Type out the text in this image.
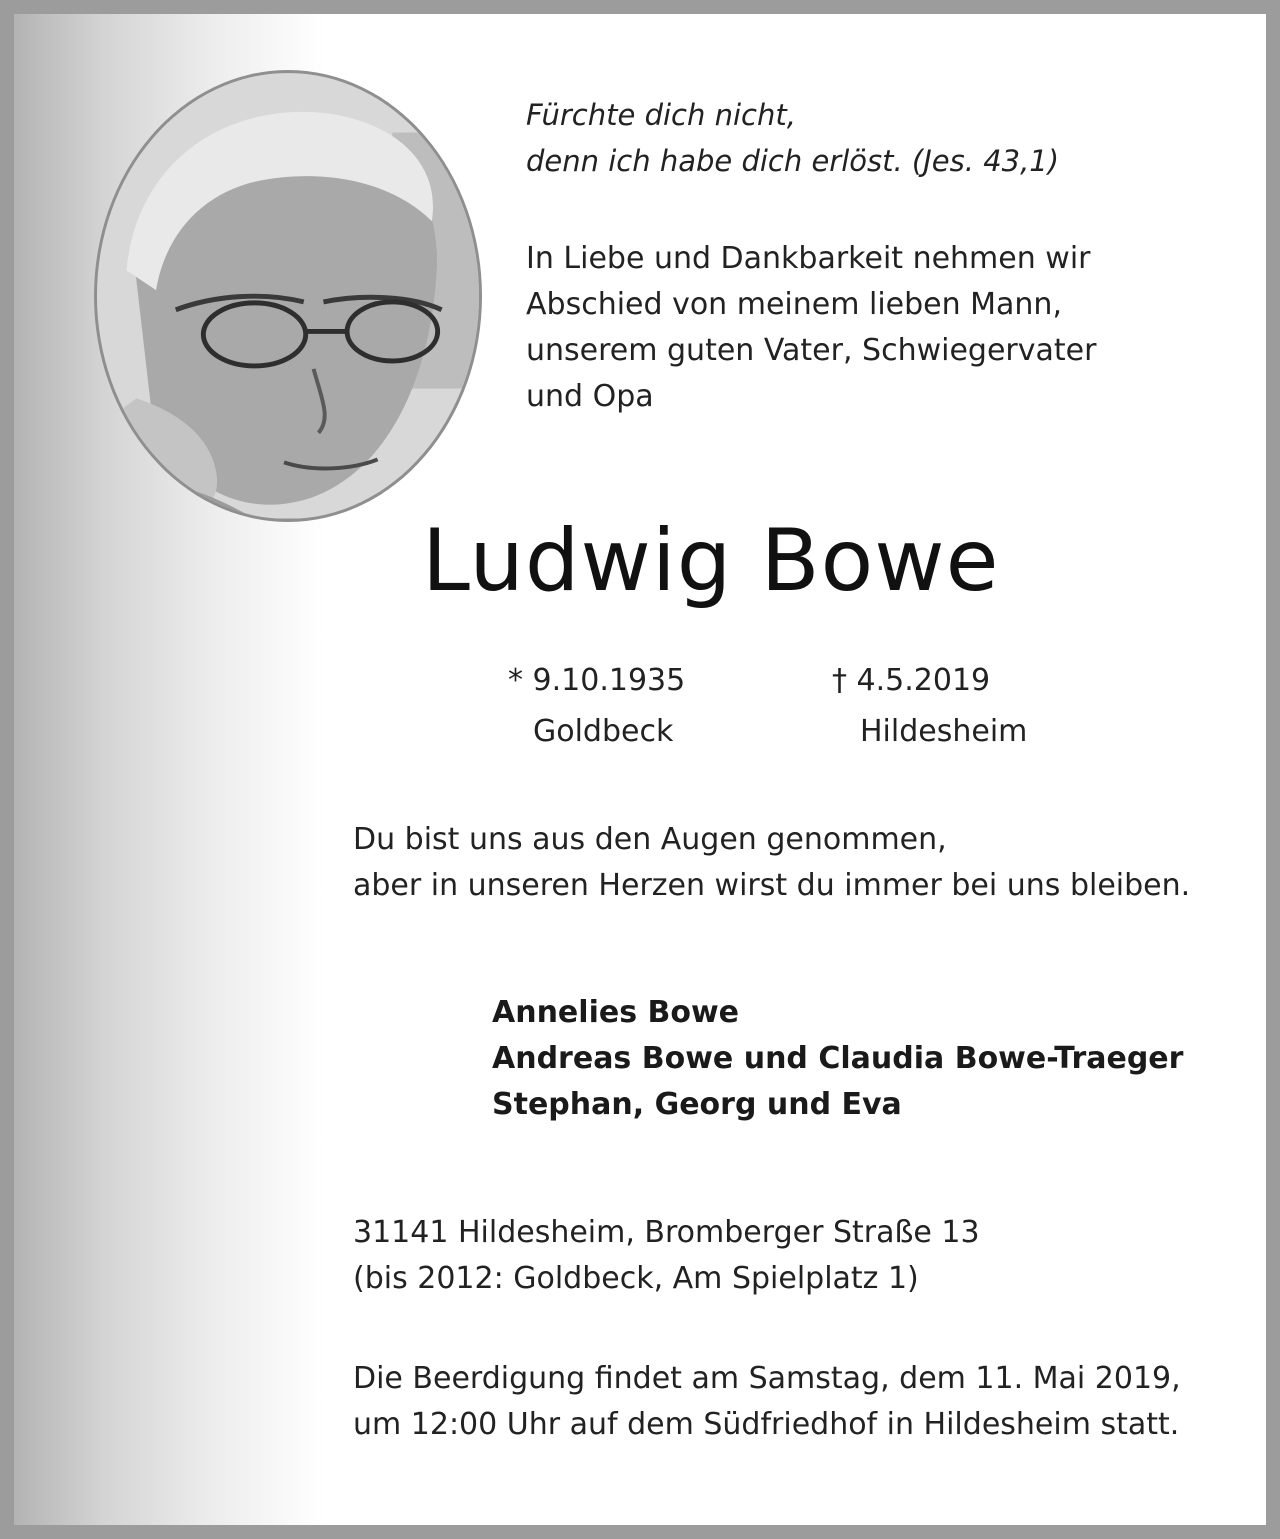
Fürchte dich nicht,
denn ich habe dich erlöst. (Jes. 43,1)

In Liebe und Dankbarkeit nehmen wir
Abschied von meinem lieben Mann,
unserem guten Vater, Schwiegervater
und Opa

Ludwig Bowe

* 9.10.1935

Goldbeck

† 4.5.2019

Hildesheim

Du bist uns aus den Augen genommen,
aber in unseren Herzen wirst du immer bei uns bleiben.

Annelies Bowe
Andreas Bowe und Claudia Bowe-Traeger
Stephan, Georg und Eva

31141 Hildesheim, Bromberger Straße 13
(bis 2012: Goldbeck, Am Spielplatz 1)

Die Beerdigung findet am Samstag, dem 11. Mai 2019,
um 12:00 Uhr auf dem Südfriedhof in Hildesheim statt.
